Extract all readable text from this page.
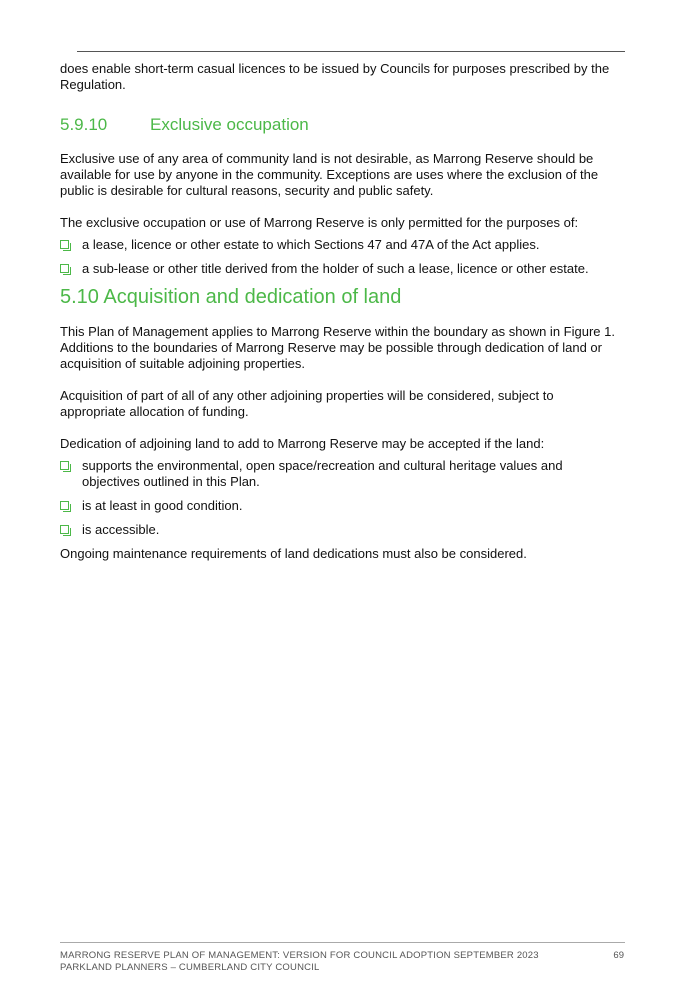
does enable short-term casual licences to be issued by Councils for purposes prescribed by the Regulation.

5.9.10	Exclusive occupation

Exclusive use of any area of community land is not desirable, as Marrong Reserve should be available for use by anyone in the community. Exceptions are uses where the exclusion of the public is desirable for cultural reasons, security and public safety.

The exclusive occupation or use of Marrong Reserve is only permitted for the purposes of:

a lease, licence or other estate to which Sections 47 and 47A of the Act applies.
a sub-lease or other title derived from the holder of such a lease, licence or other estate.
5.10 Acquisition and dedication of land

This Plan of Management applies to Marrong Reserve within the boundary as shown in Figure 1. Additions to the boundaries of Marrong Reserve may be possible through dedication of land or acquisition of suitable adjoining properties.

Acquisition of part of all of any other adjoining properties will be considered, subject to appropriate allocation of funding.

Dedication of adjoining land to add to Marrong Reserve may be accepted if the land:

supports the environmental, open space/recreation and cultural heritage values and objectives outlined in this Plan.
is at least in good condition.
is accessible.

Ongoing maintenance requirements of land dedications must also be considered.

MARRONG RESERVE PLAN OF MANAGEMENT: VERSION FOR COUNCIL ADOPTION SEPTEMBER 2023
PARKLAND PLANNERS – CUMBERLAND CITY COUNCIL
69
